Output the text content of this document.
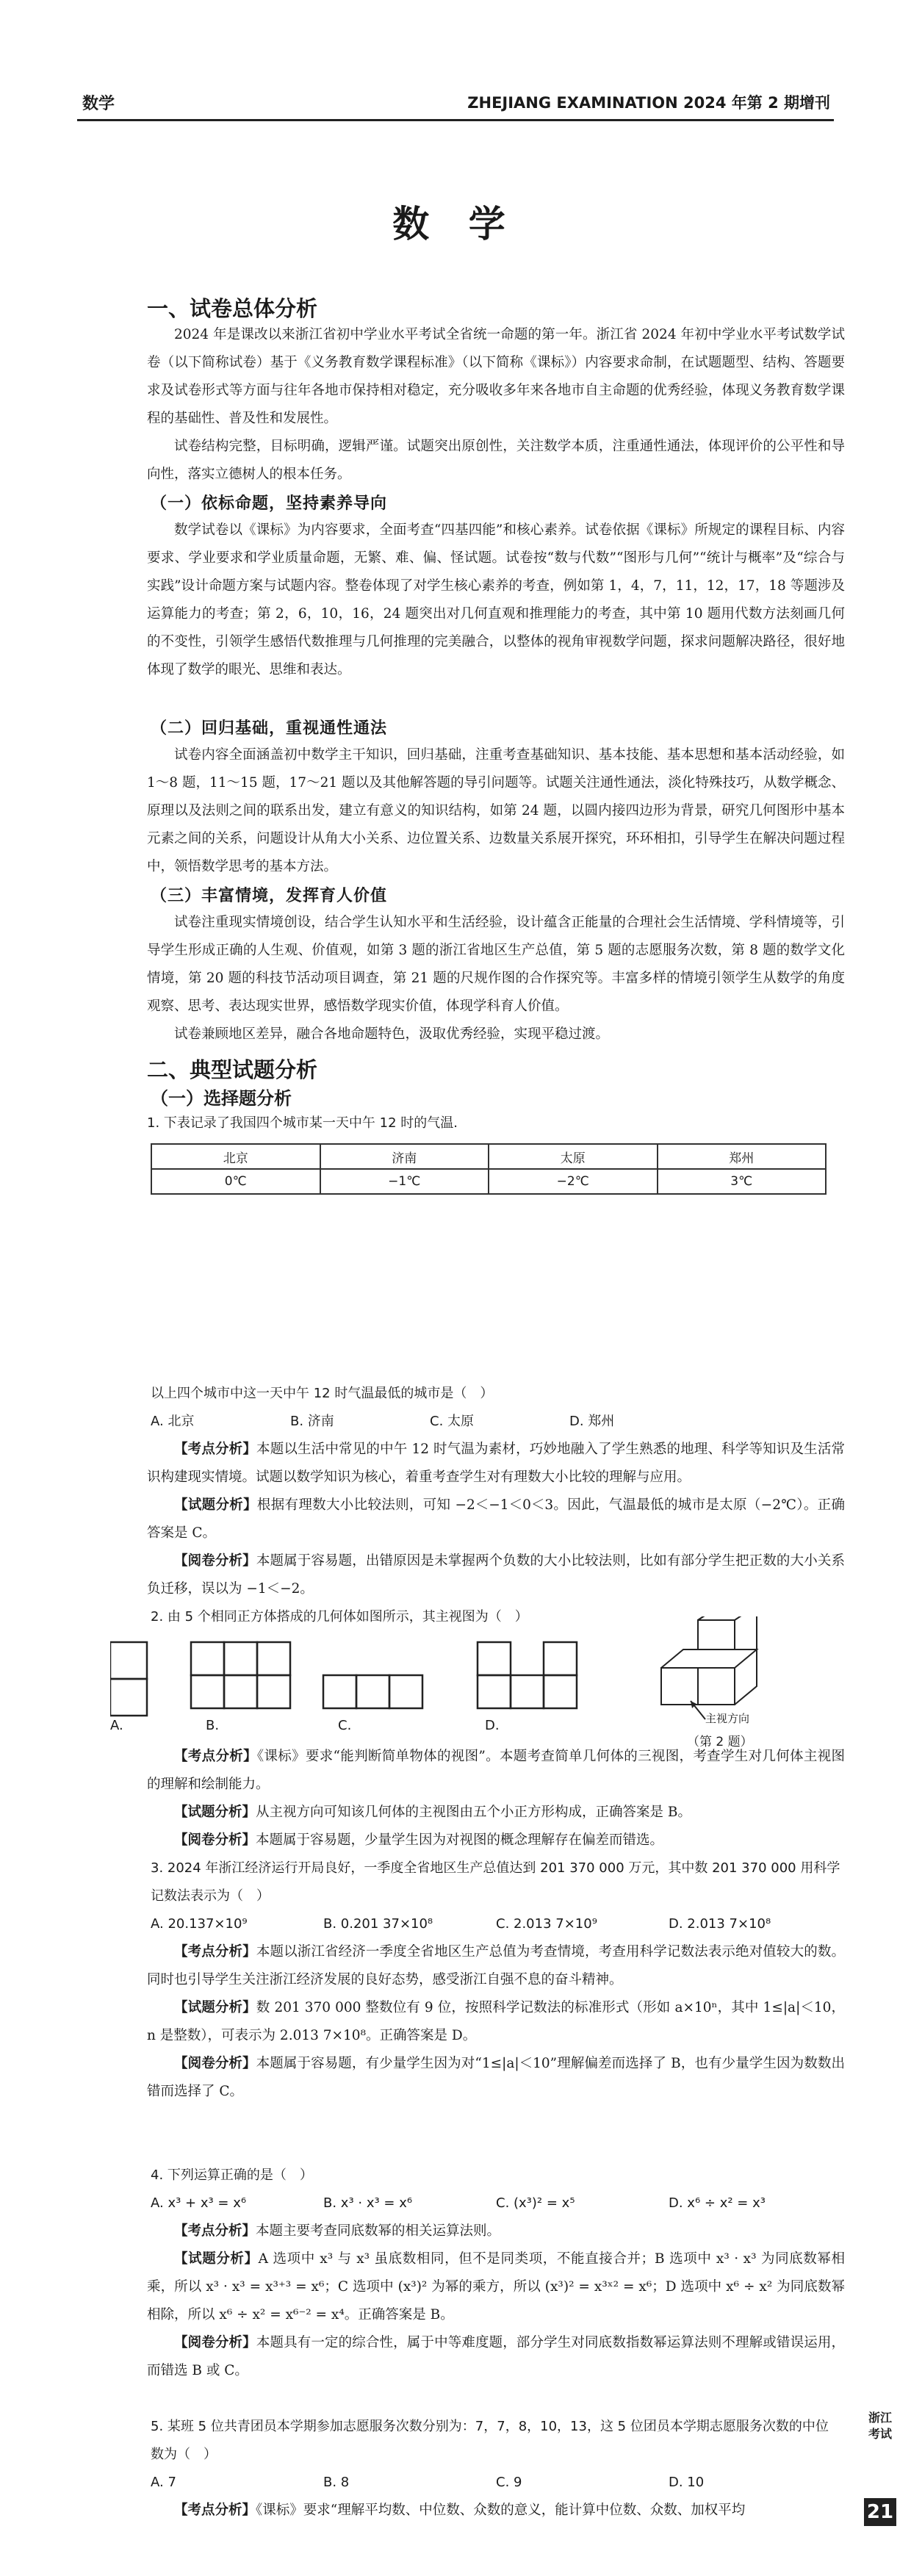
数学	ZHEJIANG EXAMINATION 2024 年第 2 期增刊
数 学
一、试卷总体分析

2024 年是课改以来浙江省初中学业水平考试全省统一命题的第一年。浙江省 2024 年初中学业水平考试数学试卷（以下简称试卷）基于《义务教育数学课程标准》（以下简称《课标》）内容要求命制，在试题题型、结构、答题要求及试卷形式等方面与往年各地市保持相对稳定，充分吸收多年来各地市自主命题的优秀经验，体现义务教育数学课程的基础性、普及性和发展性。

试卷结构完整，目标明确，逻辑严谨。试题突出原创性，关注数学本质，注重通性通法，体现评价的公平性和导向性，落实立德树人的根本任务。

（一）依标命题，坚持素养导向

数学试卷以《课标》为内容要求，全面考查“四基四能”和核心素养。试卷依据《课标》所规定的课程目标、内容要求、学业要求和学业质量命题，无繁、难、偏、怪试题。试卷按“数与代数”“图形与几何”“统计与概率”及“综合与实践”设计命题方案与试题内容。整卷体现了对学生核心素养的考查，例如第 1，4，7，11，12，17，18 等题涉及运算能力的考查；第 2，6，10，16，24 题突出对几何直观和推理能力的考查，其中第 10 题用代数方法刻画几何的不变性，引领学生感悟代数推理与几何推理的完美融合，以整体的视角审视数学问题，探求问题解决路径，很好地体现了数学的眼光、思维和表达。

（二）回归基础，重视通性通法

试卷内容全面涵盖初中数学主干知识，回归基础，注重考查基础知识、基本技能、基本思想和基本活动经验，如 1～8 题，11～15 题，17～21 题以及其他解答题的导引问题等。试题关注通性通法，淡化特殊技巧，从数学概念、原理以及法则之间的联系出发，建立有意义的知识结构，如第 24 题，以圆内接四边形为背景，研究几何图形中基本元素之间的关系，问题设计从角大小关系、边位置关系、边数量关系展开探究，环环相扣，引导学生在解决问题过程中，领悟数学思考的基本方法。

（三）丰富情境，发挥育人价值

试卷注重现实情境创设，结合学生认知水平和生活经验，设计蕴含正能量的合理社会生活情境、学科情境等，引导学生形成正确的人生观、价值观，如第 3 题的浙江省地区生产总值，第 5 题的志愿服务次数，第 8 题的数学文化情境，第 20 题的科技节活动项目调查，第 21 题的尺规作图的合作探究等。丰富多样的情境引领学生从数学的角度观察、思考、表达现实世界，感悟数学现实价值，体现学科育人价值。

试卷兼顾地区差异，融合各地命题特色，汲取优秀经验，实现平稳过渡。

二、典型试题分析
（一）选择题分析
1. 下表记录了我国四个城市某一天中午 12 时的气温.
北京	济南	太原	郑州
0℃	−1℃	−2℃	3℃
以上四个城市中这一天中午 12 时气温最低的城市是（　）
A. 北京	B. 济南	C. 太原	D. 郑州

【考点分析】本题以生活中常见的中午 12 时气温为素材，巧妙地融入了学生熟悉的地理、科学等知识及生活常识构建现实情境。试题以数学知识为核心，着重考查学生对有理数大小比较的理解与应用。

【试题分析】根据有理数大小比较法则，可知 −2＜−1＜0＜3。因此，气温最低的城市是太原（−2℃）。正确答案是 C。

【阅卷分析】本题属于容易题，出错原因是未掌握两个负数的大小比较法则，比如有部分学生把正数的大小关系负迁移，误以为 −1＜−2。

2. 由 5 个相同正方体搭成的几何体如图所示，其主视图为（　）
A.	B.	C.	D.	主视方向
（第 2 题）

【考点分析】《课标》要求“能判断简单物体的视图”。本题考查简单几何体的三视图，考查学生对几何体主视图的理解和绘制能力。

【试题分析】从主视方向可知该几何体的主视图由五个小正方形构成，正确答案是 B。

【阅卷分析】本题属于容易题，少量学生因为对视图的概念理解存在偏差而错选。

3. 2024 年浙江经济运行开局良好，一季度全省地区生产总值达到 201 370 000 万元，其中数 201 370 000 用科学记数法表示为（　）
A. 20.137×10⁹	B. 0.201 37×10⁸	C. 2.013 7×10⁹	D. 2.013 7×10⁸

【考点分析】本题以浙江省经济一季度全省地区生产总值为考查情境，考查用科学记数法表示绝对值较大的数。同时也引导学生关注浙江经济发展的良好态势，感受浙江自强不息的奋斗精神。

【试题分析】数 201 370 000 整数位有 9 位，按照科学记数法的标准形式（形如 a×10ⁿ，其中 1≤|a|＜10，n 是整数），可表示为 2.013 7×10⁸。正确答案是 D。

【阅卷分析】本题属于容易题，有少量学生因为对“1≤|a|＜10”理解偏差而选择了 B，也有少量学生因为数数出错而选择了 C。

4. 下列运算正确的是（　）
A. x³ + x³ = x⁶	B. x³ · x³ = x⁶	C. (x³)² = x⁵	D. x⁶ ÷ x² = x³

【考点分析】本题主要考查同底数幂的相关运算法则。

【试题分析】A 选项中 x³ 与 x³ 虽底数相同，但不是同类项，不能直接合并；B 选项中 x³ · x³ 为同底数幂相乘，所以 x³ · x³ = x³⁺³ = x⁶；C 选项中 (x³)² 为幂的乘方，所以 (x³)² = x³ˣ² = x⁶；D 选项中 x⁶ ÷ x² 为同底数幂相除，所以 x⁶ ÷ x² = x⁶⁻² = x⁴。正确答案是 B。

【阅卷分析】本题具有一定的综合性，属于中等难度题，部分学生对同底数指数幂运算法则不理解或错误运用，而错选 B 或 C。

5. 某班 5 位共青团员本学期参加志愿服务次数分别为：7，7，8，10，13，这 5 位团员本学期志愿服务次数的中位数为（　）
A. 7	B. 8	C. 9	D. 10

【考点分析】《课标》要求“理解平均数、中位数、众数的意义，能计算中位数、众数、加权平均

浙江考试
21
